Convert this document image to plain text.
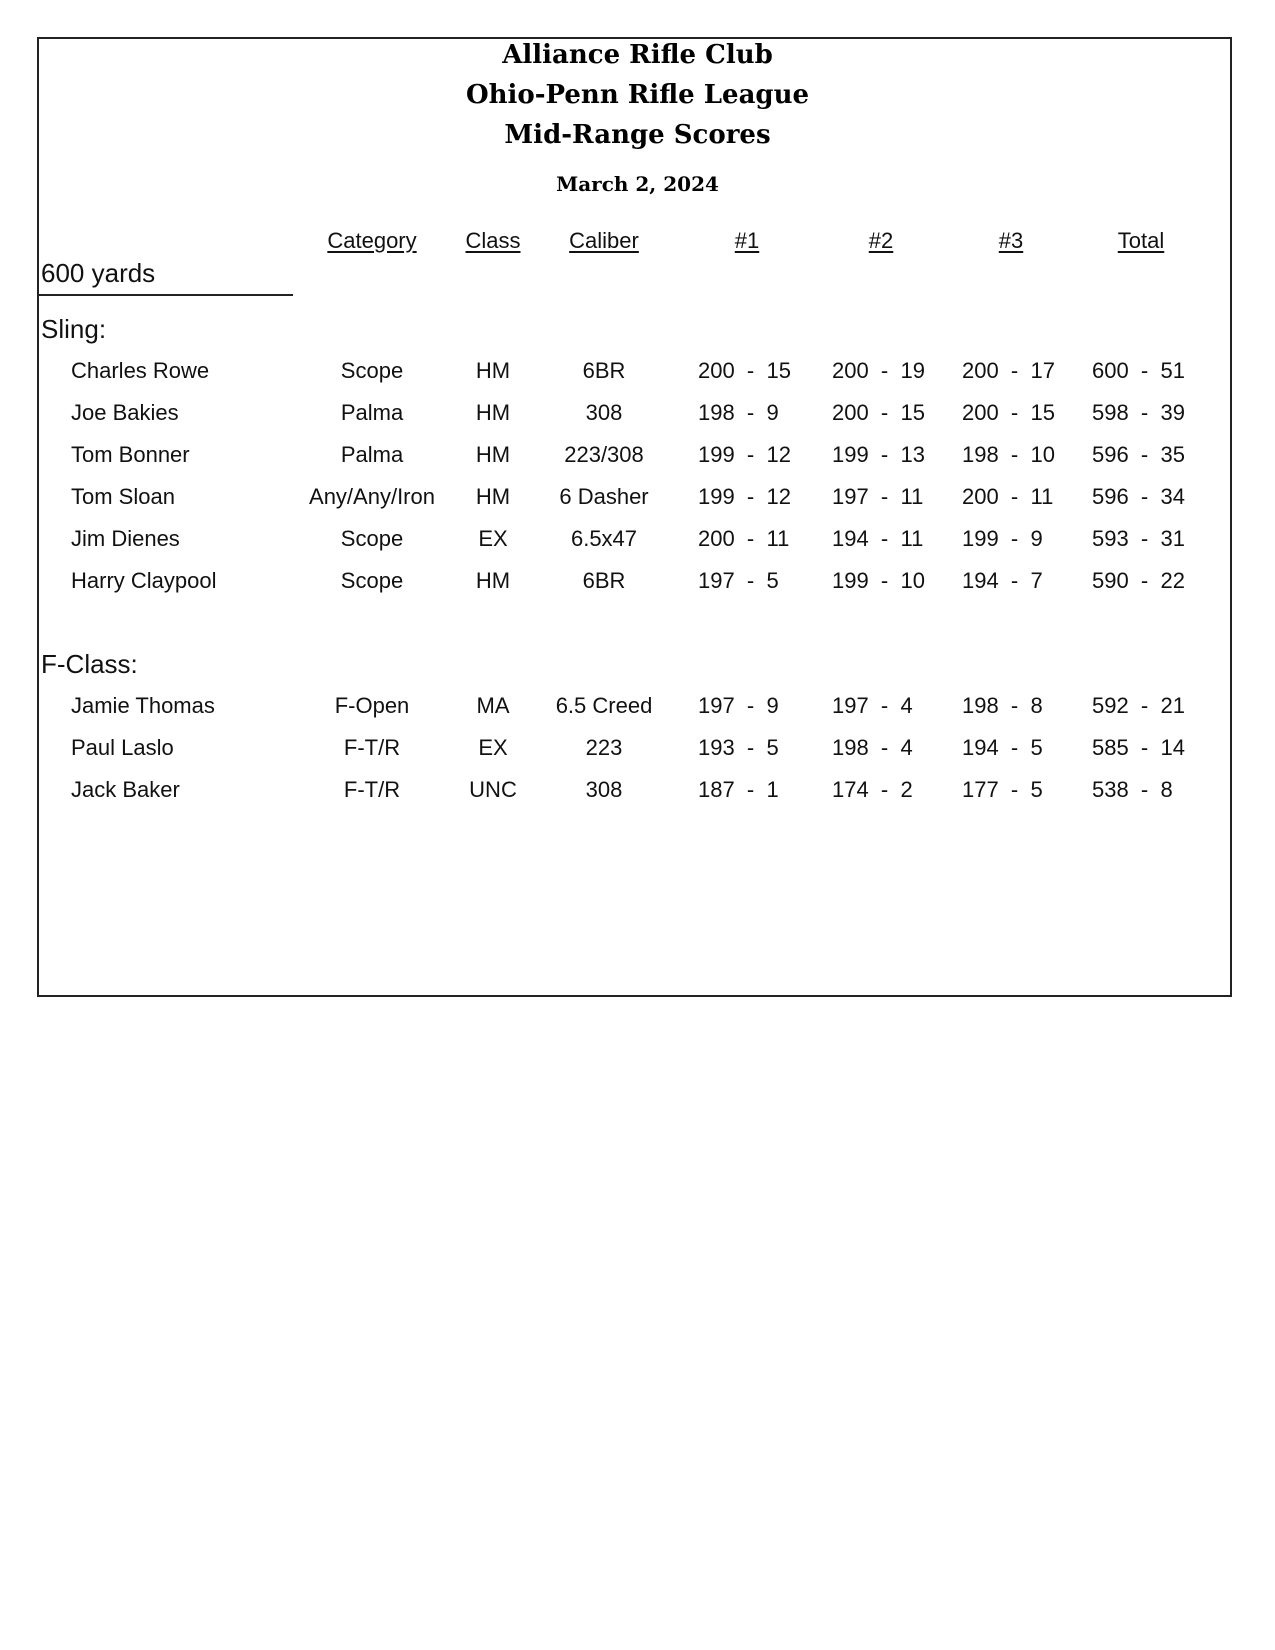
Alliance Rifle Club
Ohio-Penn Rifle League
Mid-Range Scores
March 2, 2024
Category Class Caliber	#1	#2	#3	Total
600 yards
Sling:
F-Class:
Charles Rowe	Scope	HM	6BR	200  -  15 200  -  19 200  -  17 600  -  51
Joe Bakies	Palma	HM	308	198  -  9 200  -  15 200  -  15 598  -  39
Tom Bonner	Palma	HM 223/308 199  -  12 199  -  13 198  -  10 596  -  35
Tom Sloan	Any/Any/Iron HM 6 Dasher 199  -  12 197  -  11 200  -  11 596  -  34
Jim Dienes	Scope	EX	6.5x47	200  -  11 194  -  11 199  -  9 593  -  31
Harry Claypool	Scope	HM	6BR	197  -  5 199  -  10 194  -  7 590  -  22
Jamie Thomas	F-Open	MA 6.5 Creed 197  -  9 197  -  4 198  -  8 592  -  21
Paul Laslo	F-T/R	EX	223	193  -  5 198  -  4 194  -  5 585  -  14
Jack Baker	F-T/R	UNC	308	187  -  1 174  -  2 177  -  5 538  -  8
